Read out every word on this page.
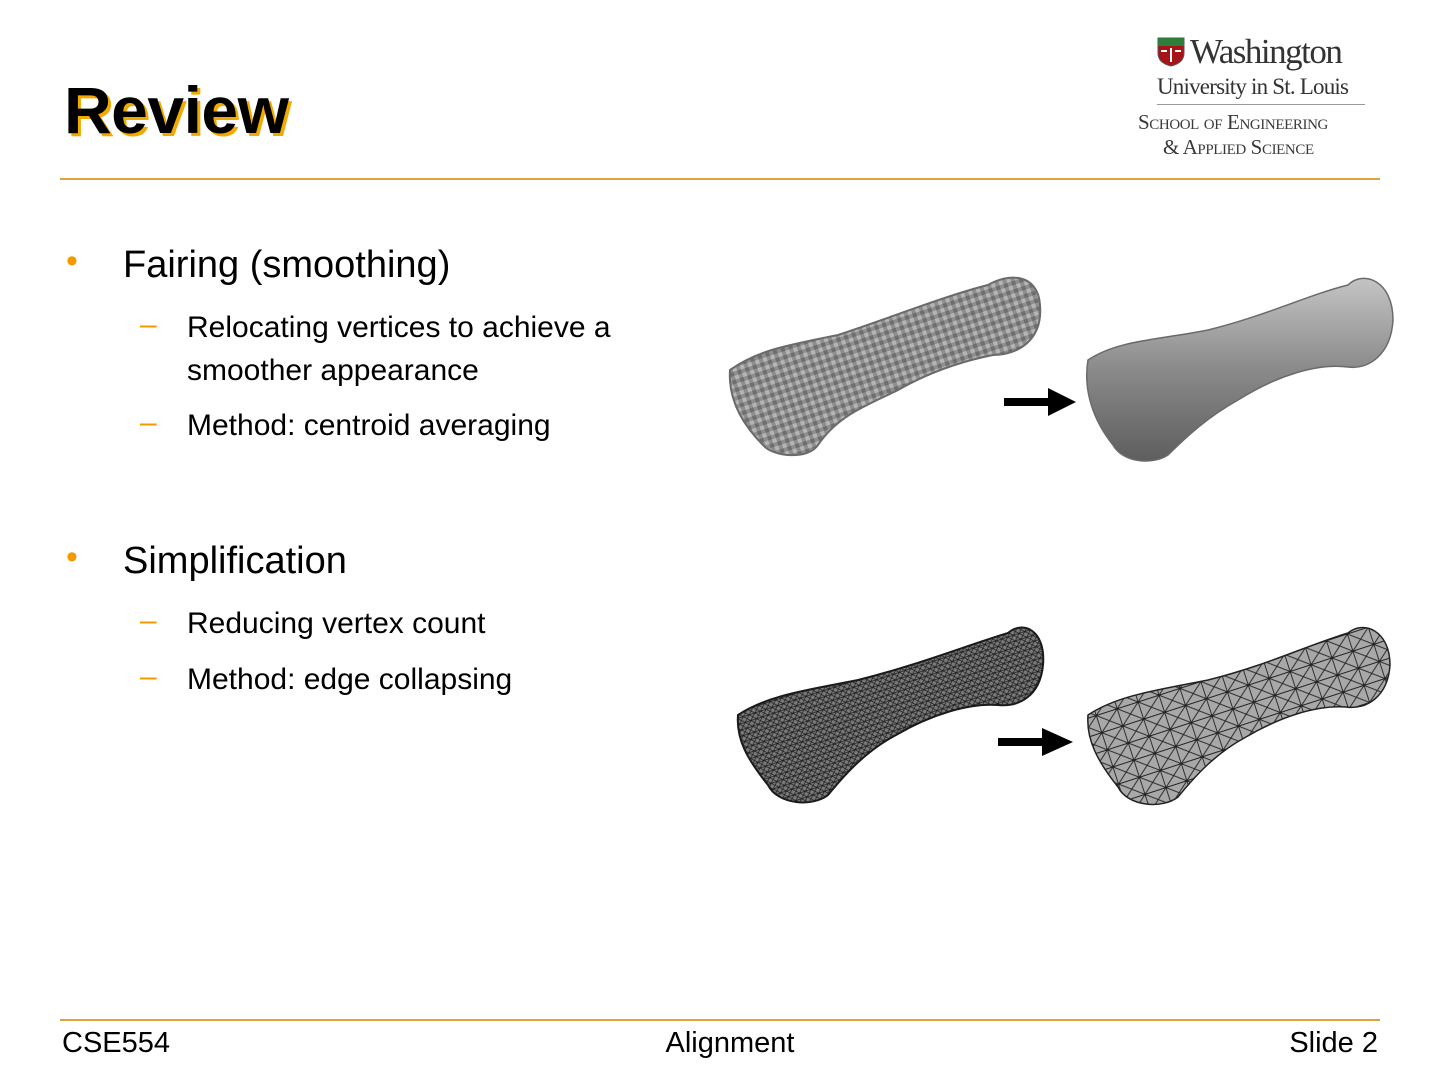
Review
Washington
University in St. Louis
School of Engineering
& Applied Science
• Fairing (smoothing)
– Relocating vertices to achieve a smoother appearance
– Method: centroid averaging
• Simplification
– Reducing vertex count
– Method: edge collapsing
CSE554	Alignment	Slide 2
